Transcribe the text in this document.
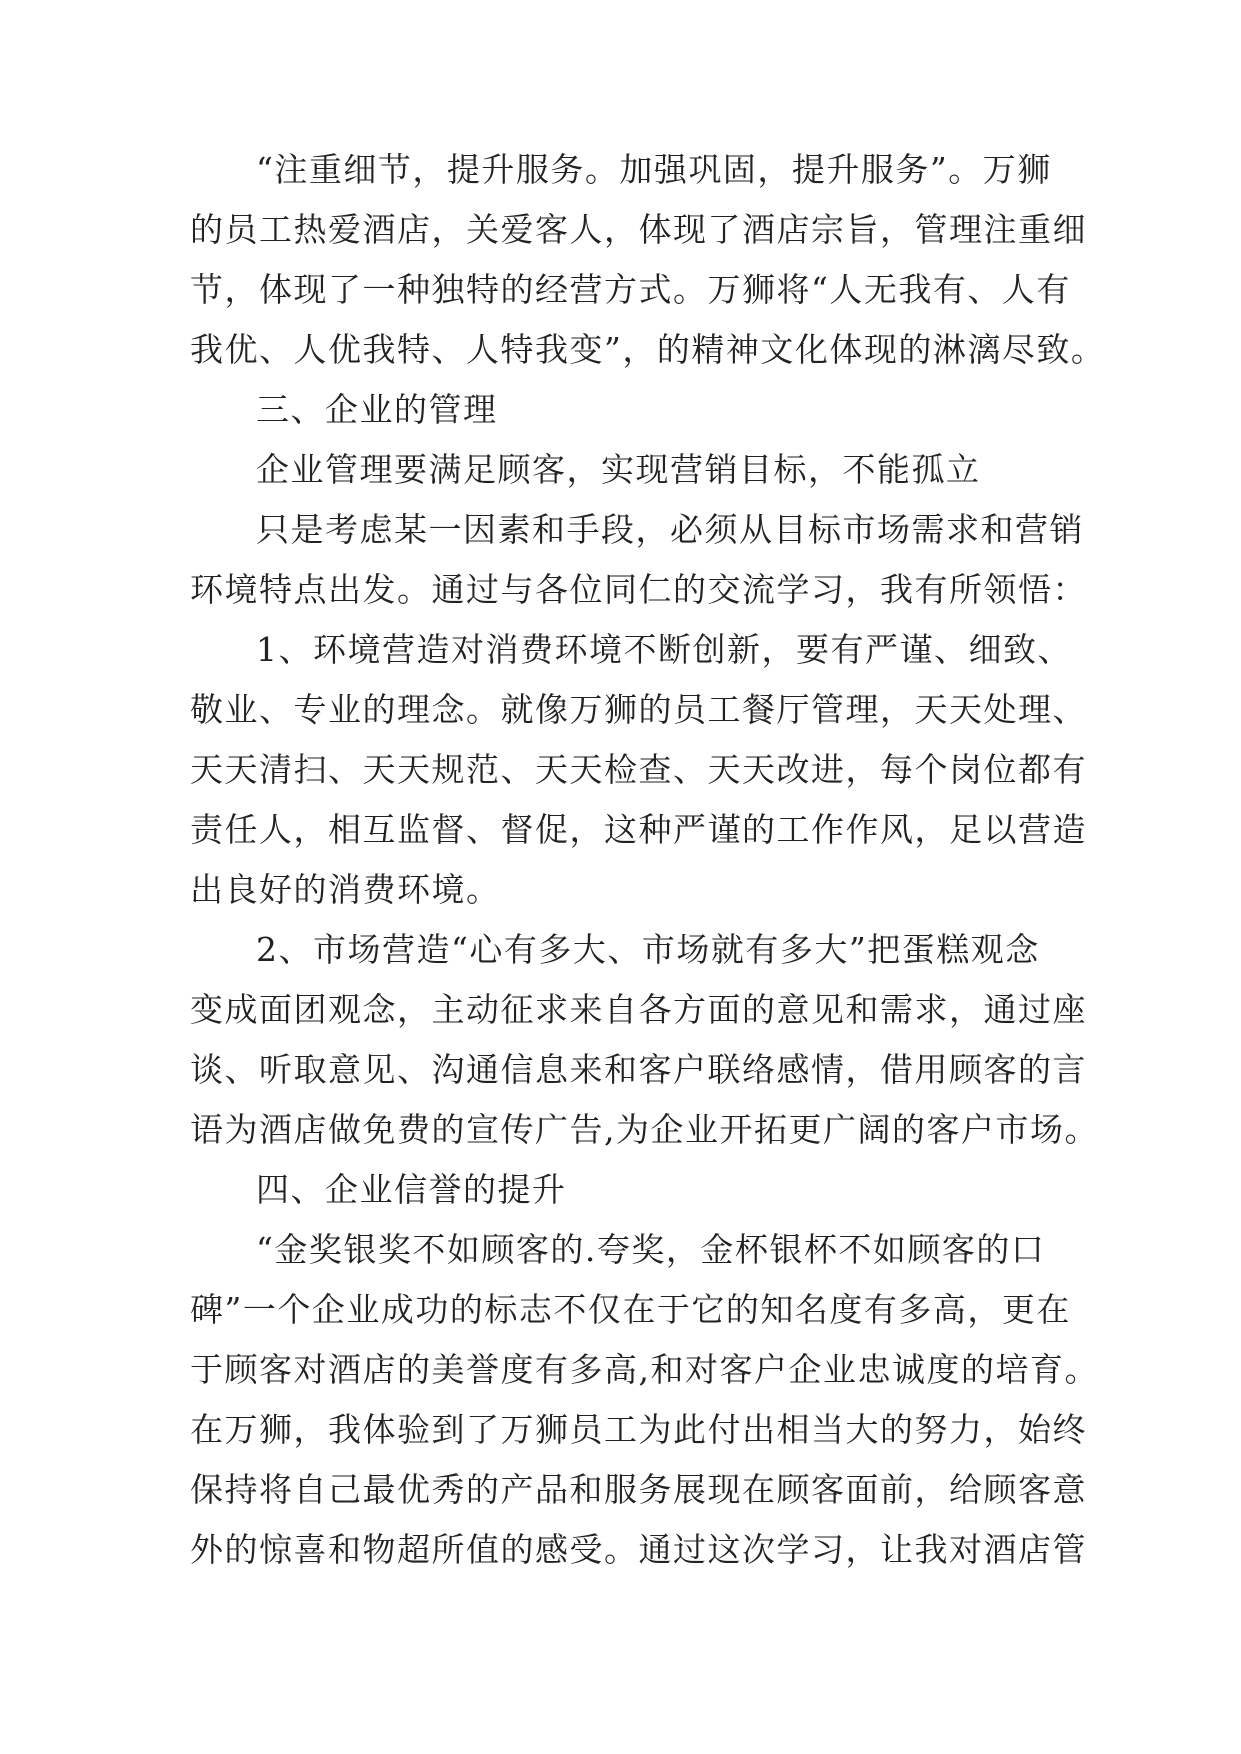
“注重细节，提升服务。加强巩固，提升服务”。万狮
的员工热爱酒店，关爱客人，体现了酒店宗旨，管理注重细
节，体现了一种独特的经营方式。万狮将“人无我有、人有
我优、人优我特、人特我变”，的精神文化体现的淋漓尽致。
三、企业的管理
企业管理要满足顾客，实现营销目标，不能孤立
只是考虑某一因素和手段，必须从目标市场需求和营销
环境特点出发。通过与各位同仁的交流学习，我有所领悟：
1、环境营造对消费环境不断创新，要有严谨、细致、
敬业、专业的理念。就像万狮的员工餐厅管理，天天处理、
天天清扫、天天规范、天天检查、天天改进，每个岗位都有
责任人，相互监督、督促，这种严谨的工作作风，足以营造
出良好的消费环境。
2、市场营造“心有多大、市场就有多大”把蛋糕观念
变成面团观念，主动征求来自各方面的意见和需求，通过座
谈、听取意见、沟通信息来和客户联络感情，借用顾客的言
语为酒店做免费的宣传广告,为企业开拓更广阔的客户市场。
四、企业信誉的提升
“金奖银奖不如顾客的.夸奖，金杯银杯不如顾客的口
碑”一个企业成功的标志不仅在于它的知名度有多高，更在
于顾客对酒店的美誉度有多高,和对客户企业忠诚度的培育。
在万狮，我体验到了万狮员工为此付出相当大的努力，始终
保持将自己最优秀的产品和服务展现在顾客面前，给顾客意
外的惊喜和物超所值的感受。通过这次学习，让我对酒店管
